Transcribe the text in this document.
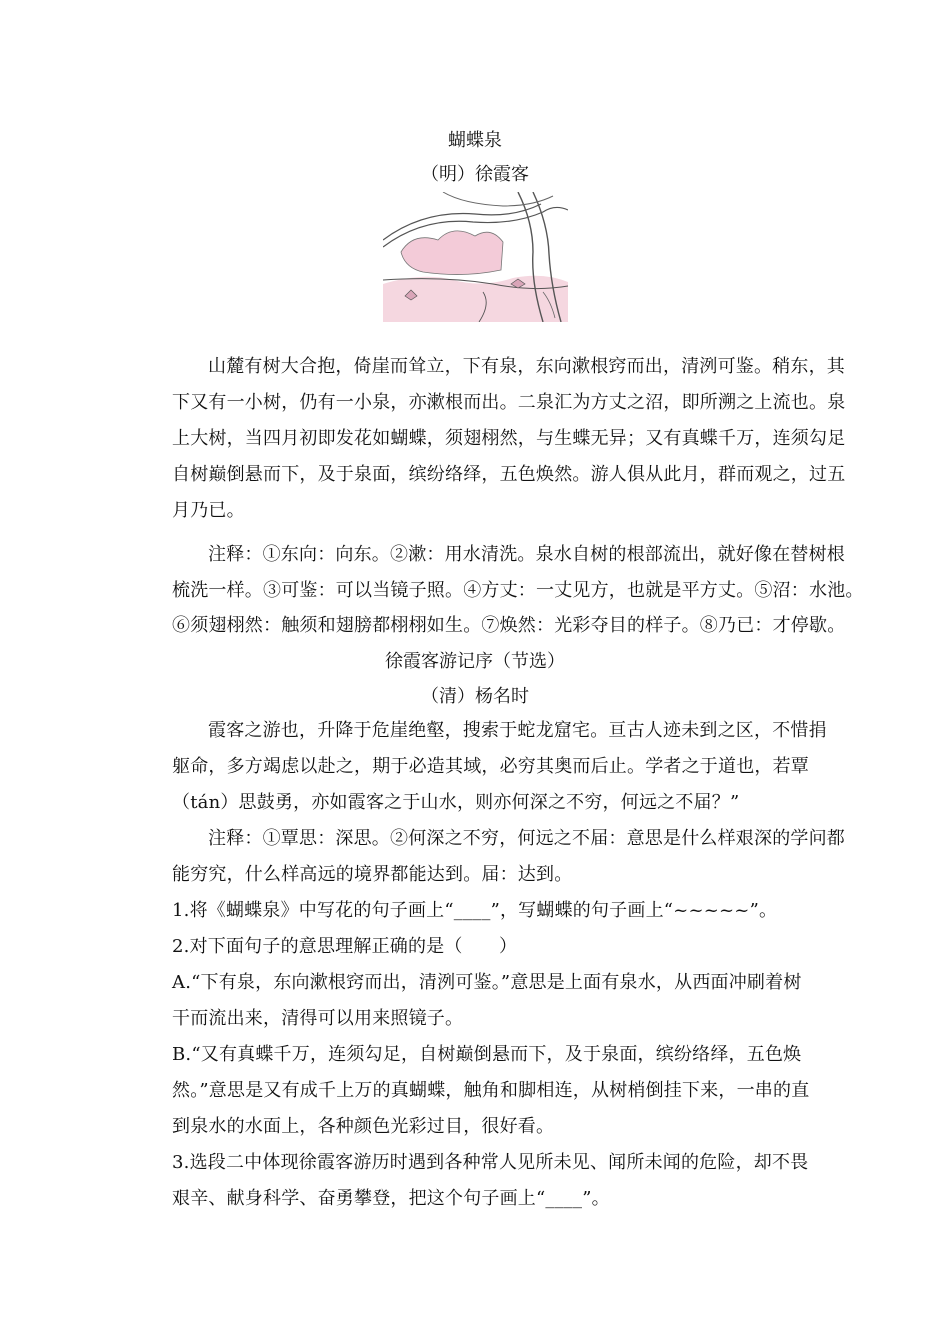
蝴蝶泉
（明）徐霞客
山麓有树大合抱，倚崖而耸立，下有泉，东向漱根窍而出，清洌可鉴。稍东，其
下又有一小树，仍有一小泉，亦漱根而出。二泉汇为方丈之沼，即所溯之上流也。泉
上大树，当四月初即发花如蝴蝶，须翅栩然，与生蝶无异；又有真蝶千万，连须勾足
自树巅倒悬而下，及于泉面，缤纷络绎，五色焕然。游人俱从此月，群而观之，过五
月乃已。
注释：①东向：向东。②漱：用水清洗。泉水自树的根部流出，就好像在替树根
梳洗一样。③可鉴：可以当镜子照。④方丈：一丈见方，也就是平方丈。⑤沼：水池。
⑥须翅栩然：触须和翅膀都栩栩如生。⑦焕然：光彩夺目的样子。⑧乃已：才停歇。
徐霞客游记序（节选）
（清）杨名时
霞客之游也，升降于危崖绝壑，搜索于蛇龙窟宅。亘古人迹未到之区，不惜捐
躯命，多方竭虑以赴之，期于必造其域，必穷其奥而后止。学者之于道也，若覃
（tán）思鼓勇，亦如霞客之于山水，则亦何深之不穷，何远之不届？”
注释：①覃思：深思。②何深之不穷，何远之不届：意思是什么样艰深的学问都
能穷究，什么样高远的境界都能达到。届：达到。
1.将《蝴蝶泉》中写花的句子画上“____”，写蝴蝶的句子画上“~~~~~”。
2.对下面句子的意思理解正确的是（　　）
A.“下有泉，东向漱根窍而出，清洌可鉴。”意思是上面有泉水，从西面冲刷着树
干而流出来，清得可以用来照镜子。
B.“又有真蝶千万，连须勾足，自树巅倒悬而下，及于泉面，缤纷络绎，五色焕
然。”意思是又有成千上万的真蝴蝶，触角和脚相连，从树梢倒挂下来，一串的直
到泉水的水面上，各种颜色光彩过目，很好看。
3.选段二中体现徐霞客游历时遇到各种常人见所未见、闻所未闻的危险，却不畏
艰辛、献身科学、奋勇攀登，把这个句子画上“____”。
